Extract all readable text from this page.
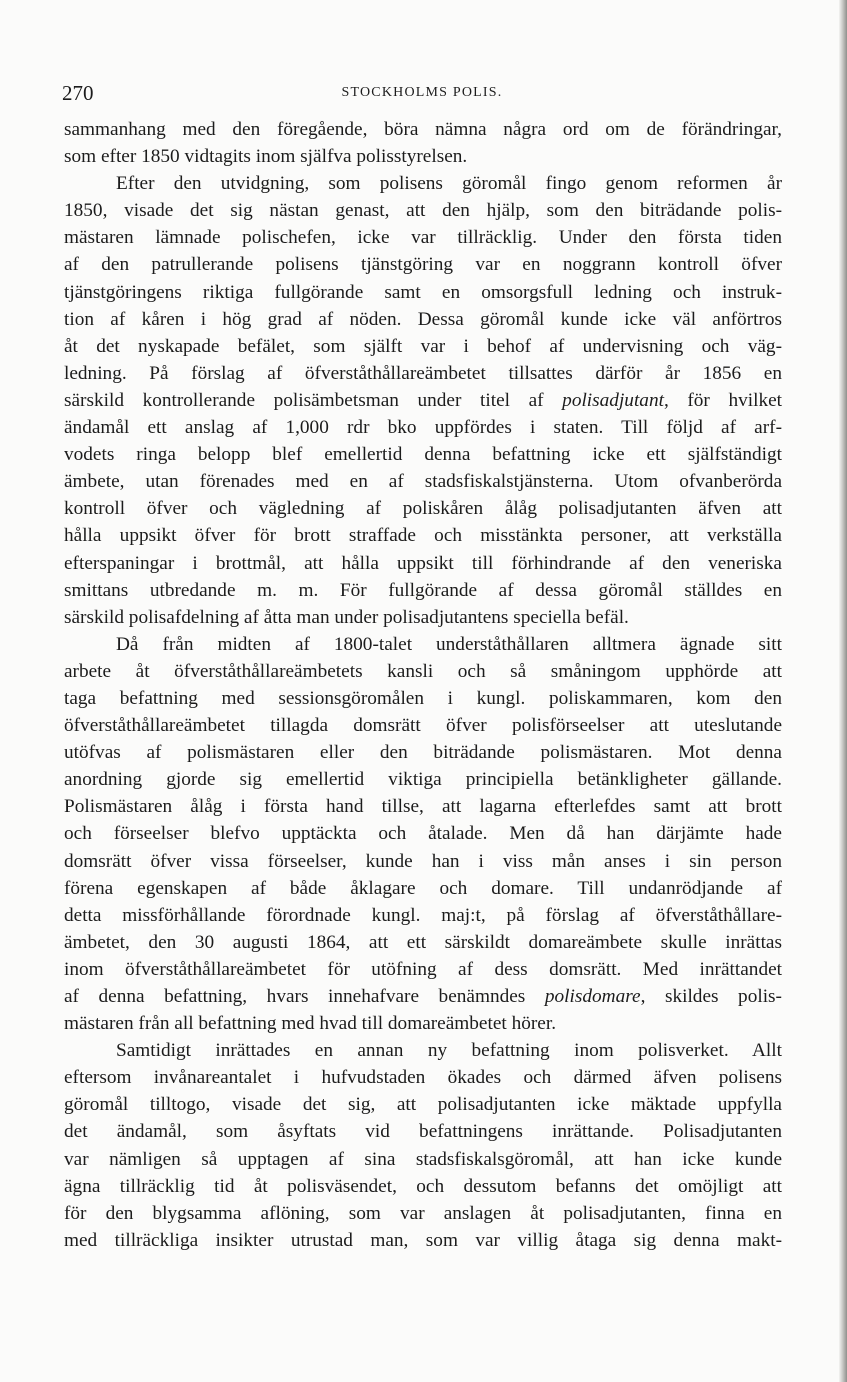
270	STOCKHOLMS POLIS.
sammanhang med den föregående, böra nämna några ord om de förändringar,
som efter 1850 vidtagits inom själfva polisstyrelsen.
Efter den utvidgning, som polisens göromål fingo genom reformen år
1850, visade det sig nästan genast, att den hjälp, som den biträdande polis-
mästaren lämnade polischefen, icke var tillräcklig. Under den första tiden
af den patrullerande polisens tjänstgöring var en noggrann kontroll öfver
tjänstgöringens riktiga fullgörande samt en omsorgsfull ledning och instruk-
tion af kåren i hög grad af nöden. Dessa göromål kunde icke väl anförtros
åt det nyskapade befälet, som själft var i behof af undervisning och väg-
ledning. På förslag af öfverståthållareämbetet tillsattes därför år 1856 en
särskild kontrollerande polisämbetsman under titel af polisadjutant, för hvilket
ändamål ett anslag af 1,000 rdr bko uppfördes i staten. Till följd af arf-
vodets ringa belopp blef emellertid denna befattning icke ett själfständigt
ämbete, utan förenades med en af stadsfiskalstjänsterna. Utom ofvanberörda
kontroll öfver och vägledning af poliskåren ålåg polisadjutanten äfven att
hålla uppsikt öfver för brott straffade och misstänkta personer, att verkställa
efterspaningar i brottmål, att hålla uppsikt till förhindrande af den veneriska
smittans utbredande m. m. För fullgörande af dessa göromål ställdes en
särskild polisafdelning af åtta man under polisadjutantens speciella befäl.
Då från midten af 1800-talet underståthållaren alltmera ägnade sitt
arbete åt öfverståthållareämbetets kansli och så småningom upphörde att
taga befattning med sessionsgöromålen i kungl. poliskammaren, kom den
öfverståthållareämbetet tillagda domsrätt öfver polisförseelser att uteslutande
utöfvas af polismästaren eller den biträdande polismästaren. Mot denna
anordning gjorde sig emellertid viktiga principiella betänkligheter gällande.
Polismästaren ålåg i första hand tillse, att lagarna efterlefdes samt att brott
och förseelser blefvo upptäckta och åtalade. Men då han därjämte hade
domsrätt öfver vissa förseelser, kunde han i viss mån anses i sin person
förena egenskapen af både åklagare och domare. Till undanrödjande af
detta missförhållande förordnade kungl. maj:t, på förslag af öfverståthållare-
ämbetet, den 30 augusti 1864, att ett särskildt domareämbete skulle inrättas
inom öfverståthållareämbetet för utöfning af dess domsrätt. Med inrättandet
af denna befattning, hvars innehafvare benämndes polisdomare, skildes polis-
mästaren från all befattning med hvad till domareämbetet hörer.
Samtidigt inrättades en annan ny befattning inom polisverket. Allt
eftersom invånareantalet i hufvudstaden ökades och därmed äfven polisens
göromål tilltogo, visade det sig, att polisadjutanten icke mäktade uppfylla
det ändamål, som åsyftats vid befattningens inrättande. Polisadjutanten
var nämligen så upptagen af sina stadsfiskalsgöromål, att han icke kunde
ägna tillräcklig tid åt polisväsendet, och dessutom befanns det omöjligt att
för den blygsamma aflöning, som var anslagen åt polisadjutanten, finna en
med tillräckliga insikter utrustad man, som var villig åtaga sig denna makt-
